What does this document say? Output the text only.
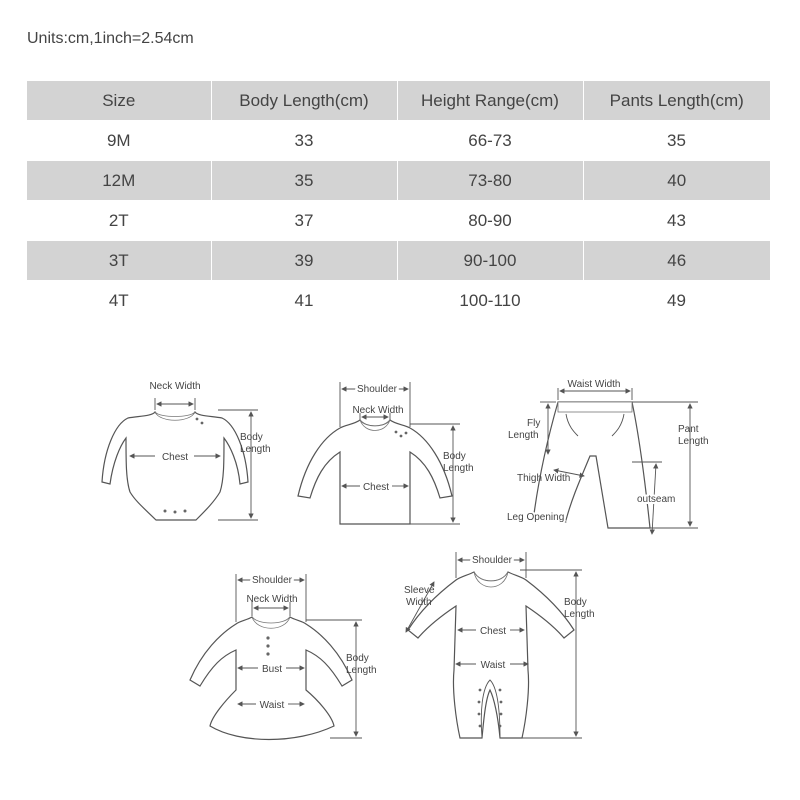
Units:cm,1inch=2.54cm
Size	Body Length(cm)	Height Range(cm)	Pants Length(cm)
9M	33	66-73	35
12M	35	73-80	40
2T	37	80-90	43
3T	39	90-100	46
4T	41	100-110	49
Neck Width
Chest
Body
Length
Shoulder
Neck Width
Chest
Body
Length
Waist Width
Fly
Length
Pant
Length
Thigh Width
outseam
Leg Opening
Shoulder
Neck Width
Bust
Waist
Body
Length
Shoulder
Sleeve
Width
Chest
Waist
Body
Length
